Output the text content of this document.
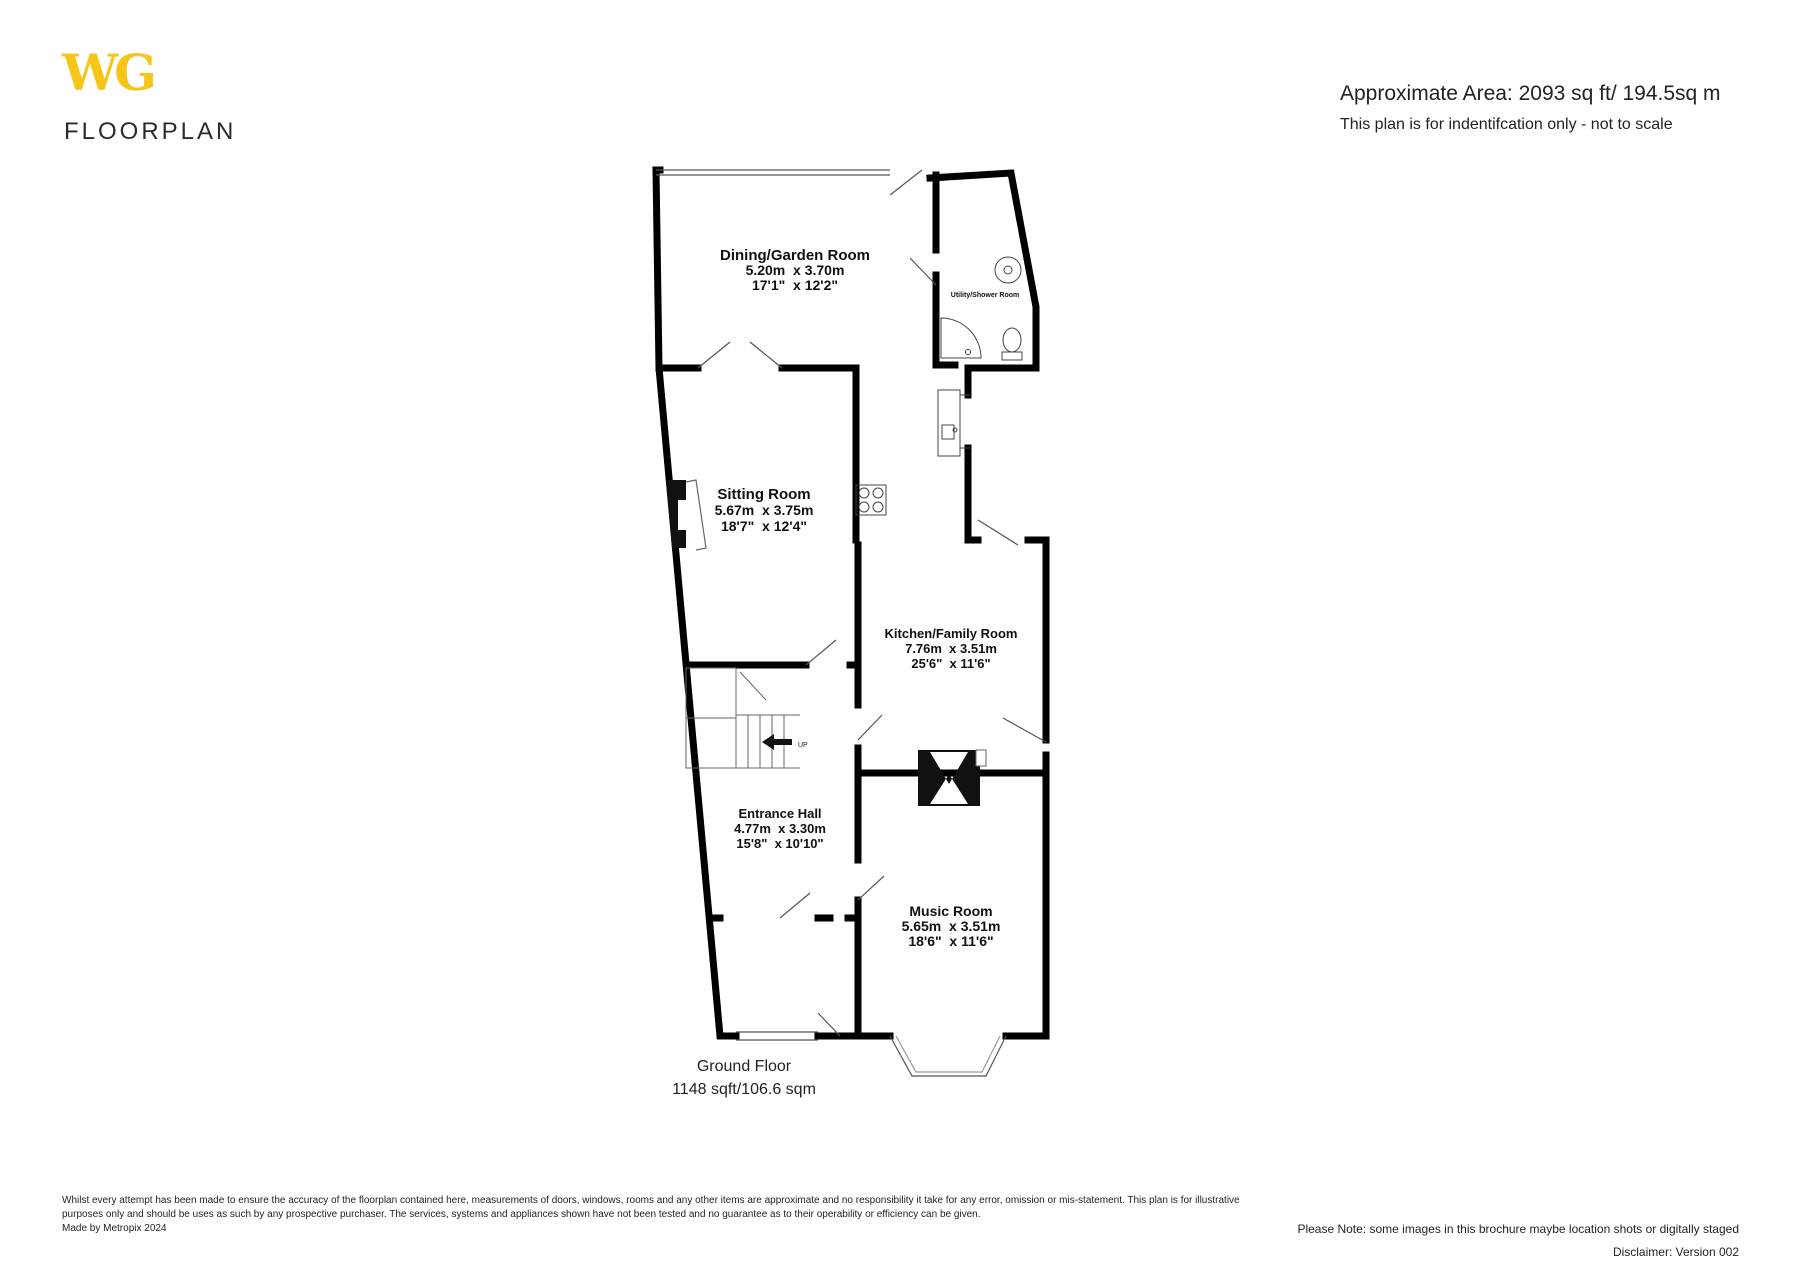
WG
FLOORPLAN
Approximate Area: 2093 sq ft/ 194.5sq m
This plan is for indentifcation only - not to scale
Dining/Garden Room
5.20m  x 3.70m
17'1"  x 12'2"
Sitting Room
5.67m  x 3.75m
18'7"  x 12'4"
Kitchen/Family Room
7.76m  x 3.51m
25'6"  x 11'6"
Entrance Hall
4.77m  x 3.30m
15'8"  x 10'10"
Music Room
5.65m  x 3.51m
18'6"  x 11'6"
Utility/Shower Room
UP
Ground Floor
1148 sqft/106.6 sqm
Whilst every attempt has been made to ensure the accuracy of the floorplan contained here, measurements of doors, windows, rooms and any other items are approximate and no responsibility it take for any error, omission or mis-statement. This plan is for illustrative purposes only and should be uses as such by any prospective purchaser. The services, systems and appliances shown have not been tested and no guarantee as to their operability or efficiency can be given.
Made by Metropix 2024	Please Note: some images in this brochure maybe location shots or digitally staged
Disclaimer: Version 002
